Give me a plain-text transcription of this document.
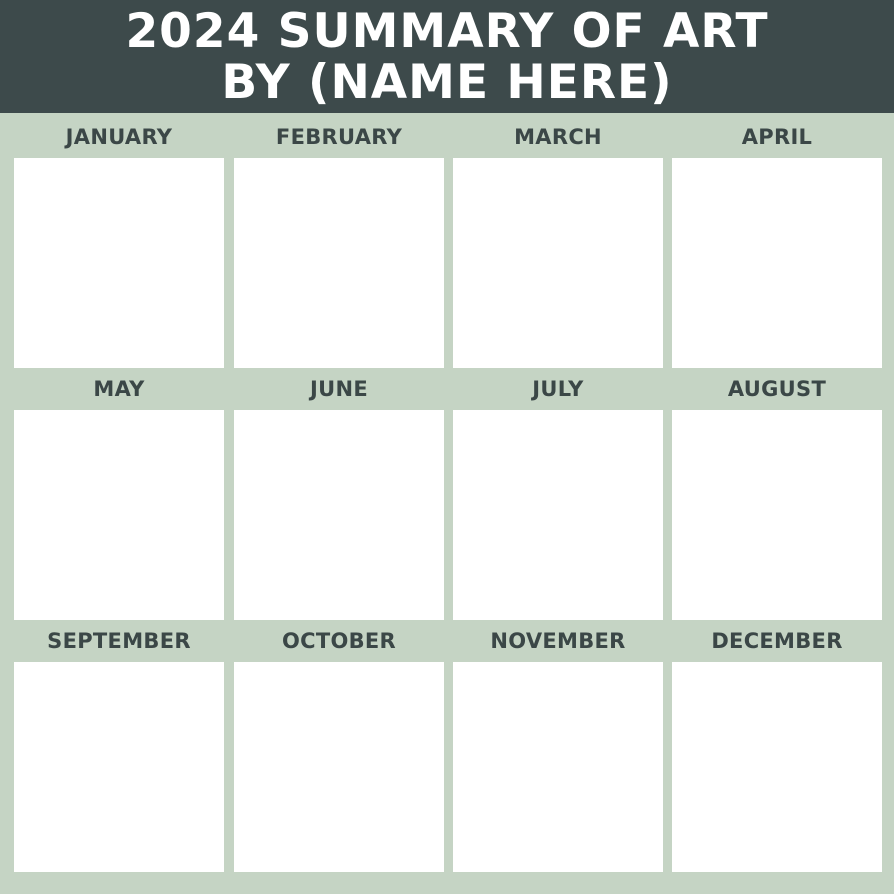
2024 SUMMARY OF ART
BY (NAME HERE)
JANUARY	FEBRUARY	MARCH	APRIL
MAY	JUNE	JULY	AUGUST
SEPTEMBER	OCTOBER	NOVEMBER	DECEMBER
